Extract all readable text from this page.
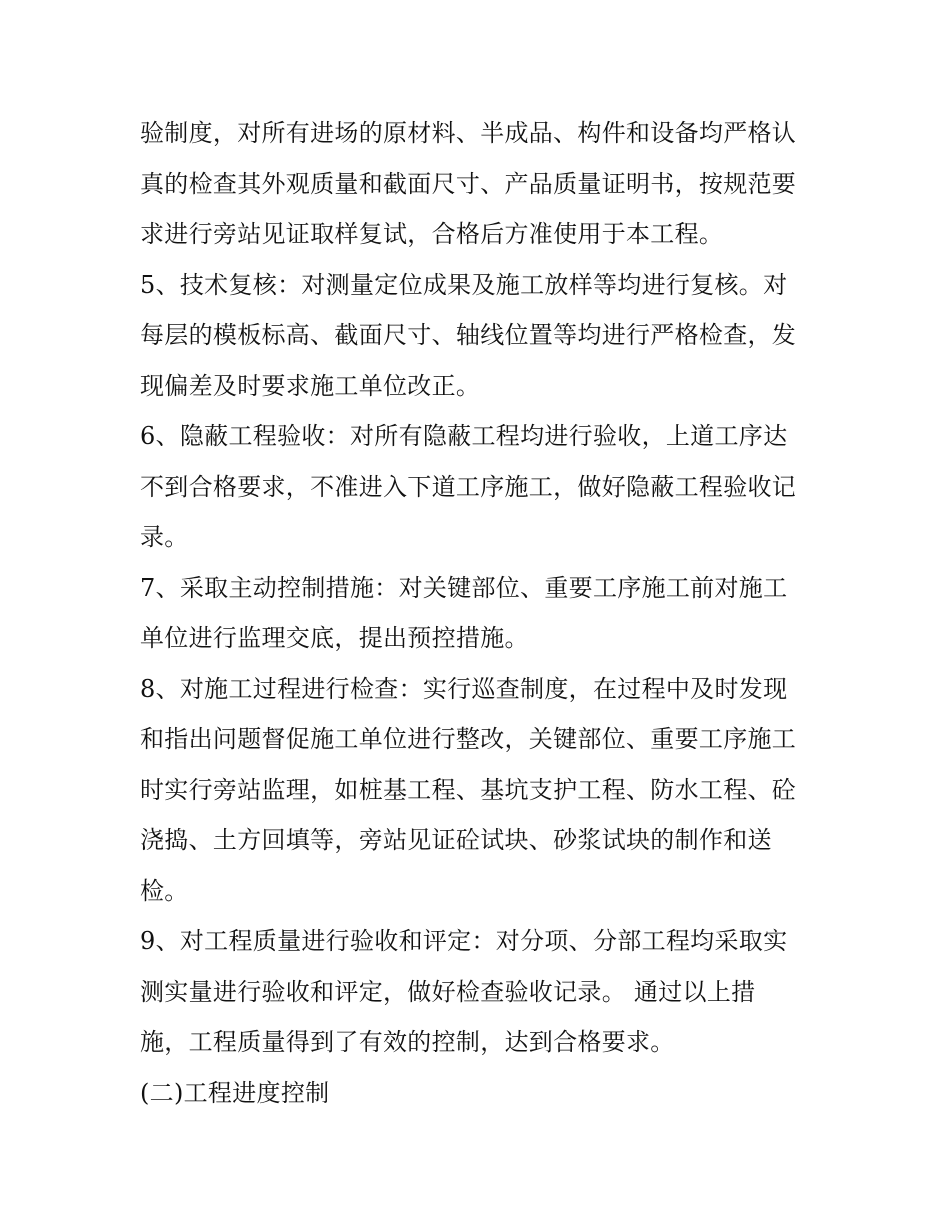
验制度，对所有进场的原材料、半成品、构件和设备均严格认
真的检查其外观质量和截面尺寸、产品质量证明书，按规范要
求进行旁站见证取样复试，合格后方准使用于本工程。
5、技术复核：对测量定位成果及施工放样等均进行复核。对
每层的模板标高、截面尺寸、轴线位置等均进行严格检查，发
现偏差及时要求施工单位改正。
6、隐蔽工程验收：对所有隐蔽工程均进行验收，上道工序达
不到合格要求，不准进入下道工序施工，做好隐蔽工程验收记
录。
7、采取主动控制措施：对关键部位、重要工序施工前对施工
单位进行监理交底，提出预控措施。
8、对施工过程进行检查：实行巡查制度，在过程中及时发现
和指出问题督促施工单位进行整改，关键部位、重要工序施工
时实行旁站监理，如桩基工程、基坑支护工程、防水工程、砼
浇捣、土方回填等，旁站见证砼试块、砂浆试块的制作和送
检。
9、对工程质量进行验收和评定：对分项、分部工程均采取实
测实量进行验收和评定，做好检查验收记录。 通过以上措
施，工程质量得到了有效的控制，达到合格要求。
(二)工程进度控制
